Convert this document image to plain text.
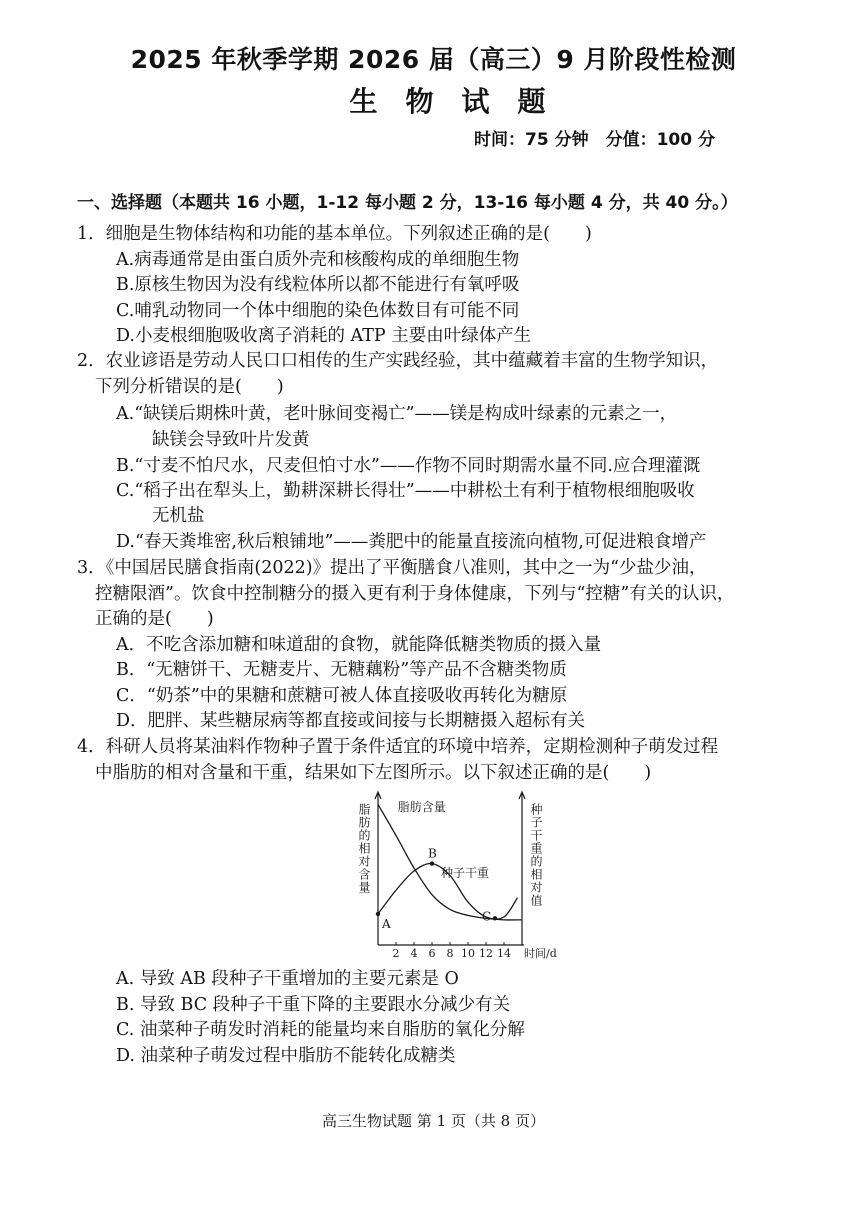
2025 年秋季学期 2026 届（高三）9 月阶段性检测
生物试题
时间：75 分钟　分值：100 分
一、选择题（本题共 16 小题，1-12 每小题 2 分，13-16 每小题 4 分，共 40 分。）
1．细胞是生物体结构和功能的基本单位。下列叙述正确的是(　　)
A.病毒通常是由蛋白质外壳和核酸构成的单细胞生物
B.原核生物因为没有线粒体所以都不能进行有氧呼吸
C.哺乳动物同一个体中细胞的染色体数目有可能不同
D.小麦根细胞吸收离子消耗的 ATP 主要由叶绿体产生
2．农业谚语是劳动人民口口相传的生产实践经验，其中蕴藏着丰富的生物学知识，
下列分析错误的是(　　)
A.“缺镁后期株叶黄，老叶脉间变褐亡”——镁是构成叶绿素的元素之一，
缺镁会导致叶片发黄
B.“寸麦不怕尺水，尺麦但怕寸水”——作物不同时期需水量不同.应合理灌溉
C.“稻子出在犁头上，勤耕深耕长得壮”——中耕松土有利于植物根细胞吸收
无机盐
D.“春天粪堆密,秋后粮铺地”——粪肥中的能量直接流向植物,可促进粮食增产
3．《中国居民膳食指南(2022)》提出了平衡膳食八准则，其中之一为“少盐少油，
控糖限酒”。饮食中控制糖分的摄入更有利于身体健康，下列与“控糖”有关的认识，
正确的是(　　)
A．不吃含添加糖和味道甜的食物，就能降低糖类物质的摄入量
B．“无糖饼干、无糖麦片、无糖藕粉”等产品不含糖类物质
C．“奶茶”中的果糖和蔗糖可被人体直接吸收再转化为糖原
D．肥胖、某些糖尿病等都直接或间接与长期糖摄入超标有关
4．科研人员将某油料作物种子置于条件适宜的环境中培养，定期检测种子萌发过程
中脂肪的相对含量和干重，结果如下左图所示。以下叙述正确的是(　　)
2 4 6 8 10 12 14 时间/d
脂肪的相对含量	种子干重的相对值
脂肪含量
种子干重
A
B
C
A. 导致 AB 段种子干重增加的主要元素是 O
B. 导致 BC 段种子干重下降的主要跟水分减少有关
C. 油菜种子萌发时消耗的能量均来自脂肪的氧化分解
D. 油菜种子萌发过程中脂肪不能转化成糖类
高三生物试题 第 1 页（共 8 页）
